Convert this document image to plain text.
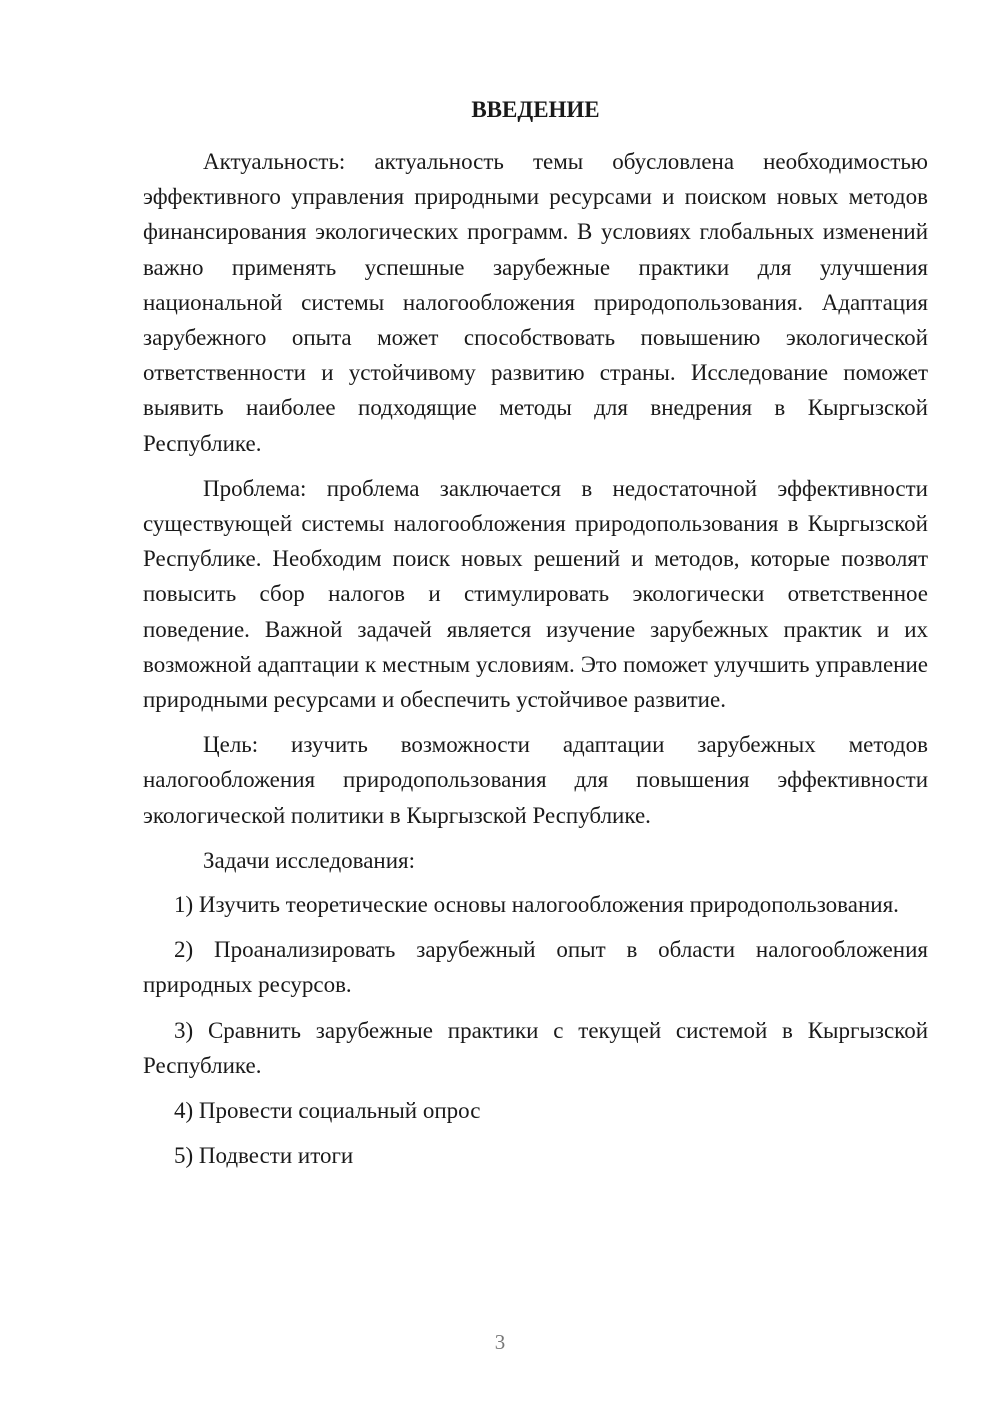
ВВЕДЕНИЕ

Актуальность: актуальность темы обусловлена необходимостью эффективного управления природными ресурсами и поиском новых методов финансирования экологических программ. В условиях глобальных изменений важно применять успешные зарубежные практики для улучшения национальной системы налогообложения природопользования. Адаптация зарубежного опыта может способствовать повышению экологической ответственности и устойчивому развитию страны. Исследование поможет выявить наиболее подходящие методы для внедрения в Кыргызской Республике.

Проблема: проблема заключается в недостаточной эффективности существующей системы налогообложения природопользования в Кыргызской Республике. Необходим поиск новых решений и методов, которые позволят повысить сбор налогов и стимулировать экологически ответственное поведение. Важной задачей является изучение зарубежных практик и их возможной адаптации к местным условиям. Это поможет улучшить управление природными ресурсами и обеспечить устойчивое развитие.

Цель: изучить возможности адаптации зарубежных методов налогообложения природопользования для повышения эффективности экологической политики в Кыргызской Республике.

Задачи исследования:

1) Изучить теоретические основы налогообложения природопользования.

2) Проанализировать зарубежный опыт в области налогообложения природных ресурсов.

3) Сравнить зарубежные практики с текущей системой в Кыргызской Республике.

4) Провести социальный опрос

5) Подвести итоги

3
